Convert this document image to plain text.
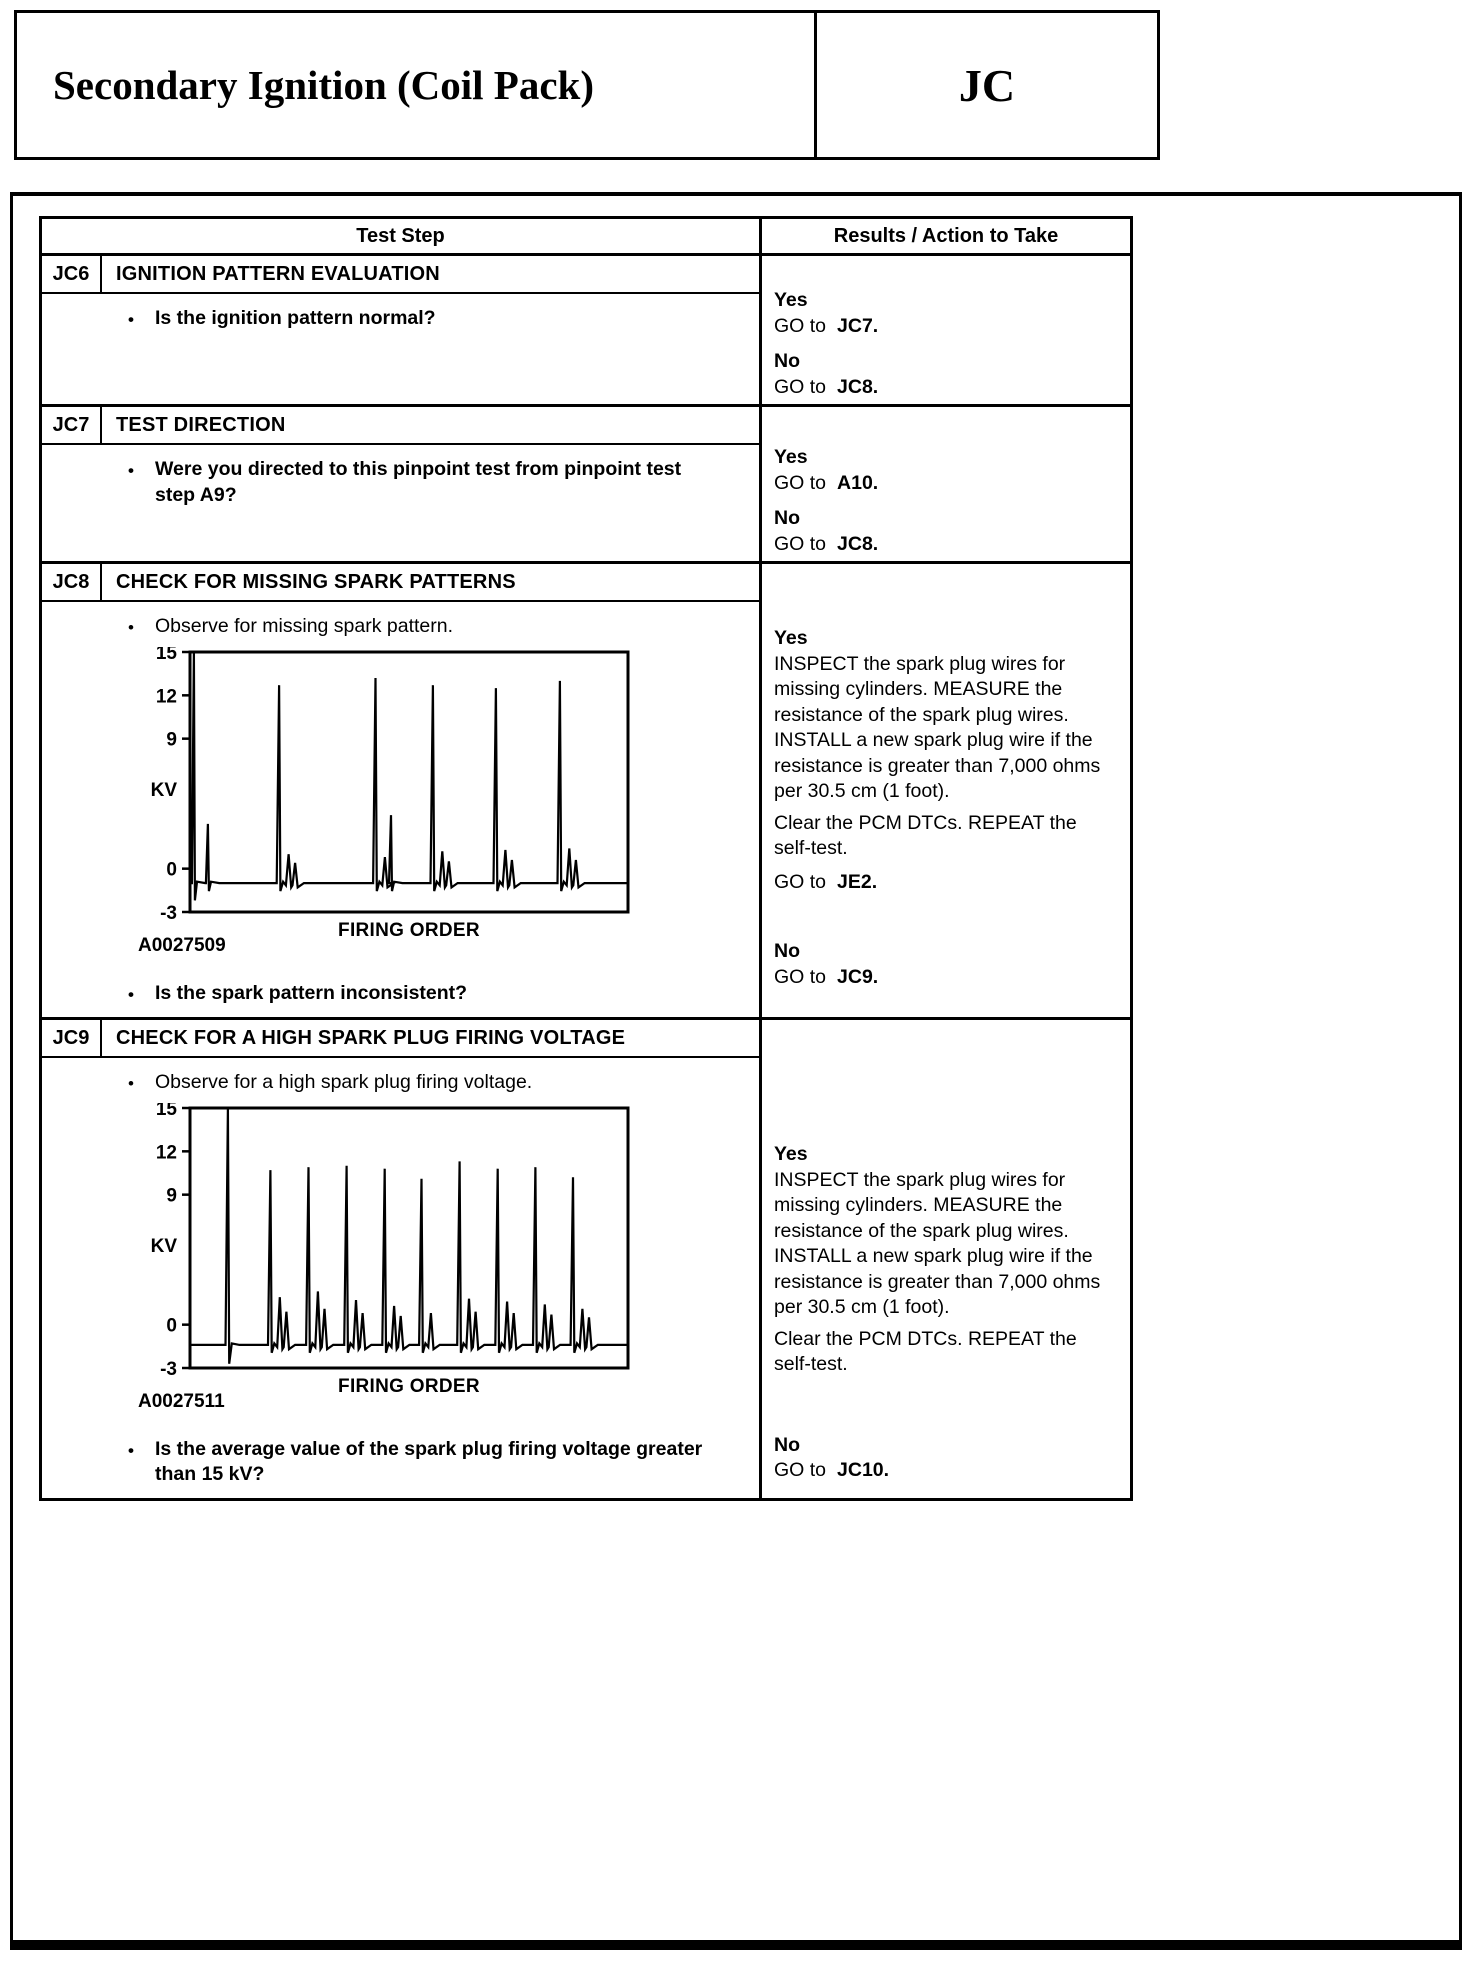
Secondary Ignition (Coil Pack)	JC
Test Step	Results / Action to Take
JC6	IGNITION PATTERN EVALUATION
•	Is the ignition pattern normal?
Yes
GO to JC7.
No
GO to JC8.
JC7	TEST DIRECTION
•	Were you directed to this pinpoint test from pinpoint test step A9?
Yes
GO to A10.
No
GO to JC8.
JC8	CHECK FOR MISSING SPARK PATTERNS
•	Observe for missing spark pattern.
15
12
9
0
-3
KV
A0027509
FIRING ORDER
•	Is the spark pattern inconsistent?
Yes

INSPECT the spark plug wires for missing cylinders. MEASURE the resistance of the spark plug wires. INSTALL a new spark plug wire if the resistance is greater than 7,000 ohms per 30.5 cm (1 foot).

Clear the PCM DTCs. REPEAT the self-test.

GO to JE2.
No
GO to JC9.
JC9	CHECK FOR A HIGH SPARK PLUG FIRING VOLTAGE
•	Observe for a high spark plug firing voltage.
15
12
9
0
-3
KV
A0027511
FIRING ORDER
•	Is the average value of the spark plug firing voltage greater than 15 kV?
Yes

INSPECT the spark plug wires for missing cylinders. MEASURE the resistance of the spark plug wires. INSTALL a new spark plug wire if the resistance is greater than 7,000 ohms per 30.5 cm (1 foot).

Clear the PCM DTCs. REPEAT the self-test.

No
GO to JC10.
